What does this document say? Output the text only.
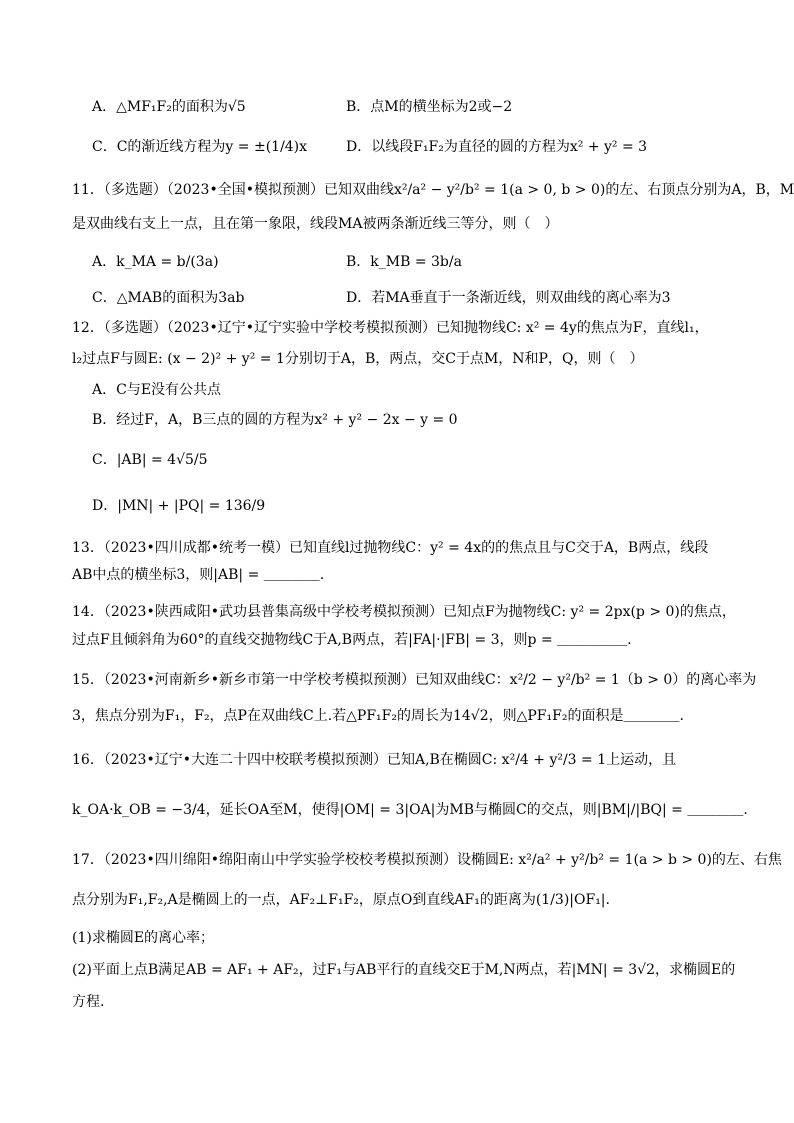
A．△MF₁F₂的面积为√5	B．点M的横坐标为2或−2
C．C的渐近线方程为y = ±(1/4)x	D．以线段F₁F₂为直径的圆的方程为x² + y² = 3
11．（多选题）（2023•全国•模拟预测）已知双曲线x²/a² − y²/b² = 1(a > 0, b > 0)的左、右顶点分别为A，B，M
是双曲线右支上一点，且在第一象限，线段MA被两条渐近线三等分，则（　）
A．k_MA = b/(3a)	B．k_MB = 3b/a
C．△MAB的面积为3ab	D．若MA垂直于一条渐近线，则双曲线的离心率为3
12．（多选题）（2023•辽宁•辽宁实验中学校考模拟预测）已知抛物线C: x² = 4y的焦点为F，直线l₁，
l₂过点F与圆E: (x − 2)² + y² = 1分别切于A，B，两点，交C于点M，N和P，Q，则（　）
A．C与E没有公共点
B．经过F，A，B三点的圆的方程为x² + y² − 2x − y = 0
C．|AB| = 4√5/5
D．|MN| + |PQ| = 136/9
13．（2023•四川成都•统考一模）已知直线l过抛物线C：y² = 4x的的焦点且与C交于A，B两点，线段
AB中点的横坐标3，则|AB| = ＿＿＿＿.
14．（2023•陕西咸阳•武功县普集高级中学校考模拟预测）已知点F为抛物线C: y² = 2px(p > 0)的焦点，
过点F且倾斜角为60°的直线交抛物线C于A,B两点，若|FA|·|FB| = 3，则p = ＿＿＿＿＿.
15．（2023•河南新乡•新乡市第一中学校考模拟预测）已知双曲线C：x²/2 − y²/b² = 1（b > 0）的离心率为
3，焦点分别为F₁，F₂，点P在双曲线C上.若△PF₁F₂的周长为14√2，则△PF₁F₂的面积是＿＿＿＿.
16．（2023•辽宁•大连二十四中校联考模拟预测）已知A,B在椭圆C: x²/4 + y²/3 = 1上运动，且
k_OA·k_OB = −3/4，延长OA至M，使得|OM| = 3|OA|为MB与椭圆C的交点，则|BM|/|BQ| = ＿＿＿＿.
17．（2023•四川绵阳•绵阳南山中学实验学校校考模拟预测）设椭圆E: x²/a² + y²/b² = 1(a > b > 0)的左、右焦
点分别为F₁,F₂,A是椭圆上的一点，AF₂⊥F₁F₂，原点O到直线AF₁的距离为(1/3)|OF₁|.
(1)求椭圆E的离心率；
(2)平面上点B满足AB = AF₁ + AF₂，过F₁与AB平行的直线交E于M,N两点，若|MN| = 3√2，求椭圆E的
方程.
